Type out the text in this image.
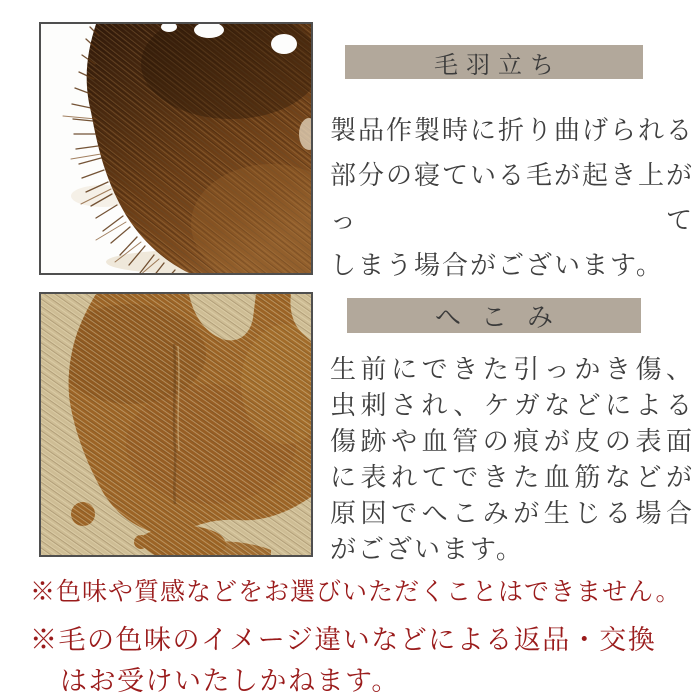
毛羽立ち
製品作製時に折り曲げられる
部分の寝ている毛が起き上がって
しまう場合がございます。
へこみ
生前にできた引っかき傷、
虫刺され、ケガなどによる
傷跡や血管の痕が皮の表面
に表れてできた血筋などが
原因でへこみが生じる場合
がございます。
※色味や質感などをお選びいただくことはできません。
※毛の色味のイメージ違いなどによる返品・交換
はお受けいたしかねます。
